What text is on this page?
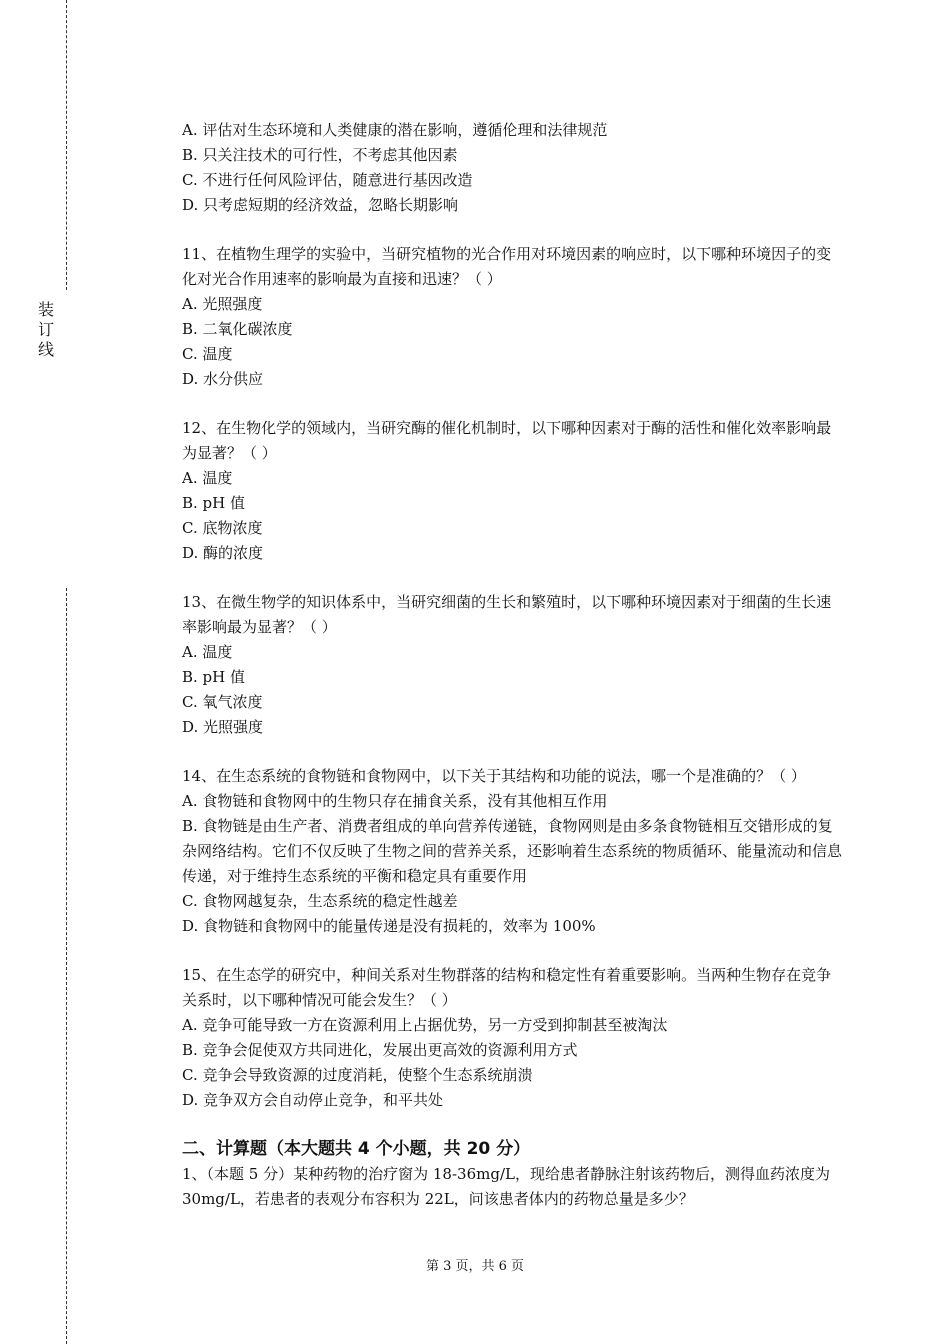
装订线
A. 评估对生态环境和人类健康的潜在影响，遵循伦理和法律规范
B. 只关注技术的可行性，不考虑其他因素
C. 不进行任何风险评估，随意进行基因改造
D. 只考虑短期的经济效益，忽略长期影响
11、在植物生理学的实验中，当研究植物的光合作用对环境因素的响应时，以下哪种环境因子的变化对光合作用速率的影响最为直接和迅速？（ ）
A. 光照强度
B. 二氧化碳浓度
C. 温度
D. 水分供应
12、在生物化学的领域内，当研究酶的催化机制时，以下哪种因素对于酶的活性和催化效率影响最为显著？（ ）
A. 温度
B. pH 值
C. 底物浓度
D. 酶的浓度
13、在微生物学的知识体系中，当研究细菌的生长和繁殖时，以下哪种环境因素对于细菌的生长速率影响最为显著？（ ）
A. 温度
B. pH 值
C. 氧气浓度
D. 光照强度
14、在生态系统的食物链和食物网中，以下关于其结构和功能的说法，哪一个是准确的？（ ）
A. 食物链和食物网中的生物只存在捕食关系，没有其他相互作用
B. 食物链是由生产者、消费者组成的单向营养传递链，食物网则是由多条食物链相互交错形成的复杂网络结构。它们不仅反映了生物之间的营养关系，还影响着生态系统的物质循环、能量流动和信息传递，对于维持生态系统的平衡和稳定具有重要作用
C. 食物网越复杂，生态系统的稳定性越差
D. 食物链和食物网中的能量传递是没有损耗的，效率为 100%
15、在生态学的研究中，种间关系对生物群落的结构和稳定性有着重要影响。当两种生物存在竞争关系时，以下哪种情况可能会发生？（ ）
A. 竞争可能导致一方在资源利用上占据优势，另一方受到抑制甚至被淘汰
B. 竞争会促使双方共同进化，发展出更高效的资源利用方式
C. 竞争会导致资源的过度消耗，使整个生态系统崩溃
D. 竞争双方会自动停止竞争，和平共处
二、计算题（本大题共 4 个小题，共 20 分）
1、（本题 5 分）某种药物的治疗窗为 18-36mg/L，现给患者静脉注射该药物后，测得血药浓度为 30mg/L，若患者的表观分布容积为 22L，问该患者体内的药物总量是多少？
第 3 页，共 6 页
